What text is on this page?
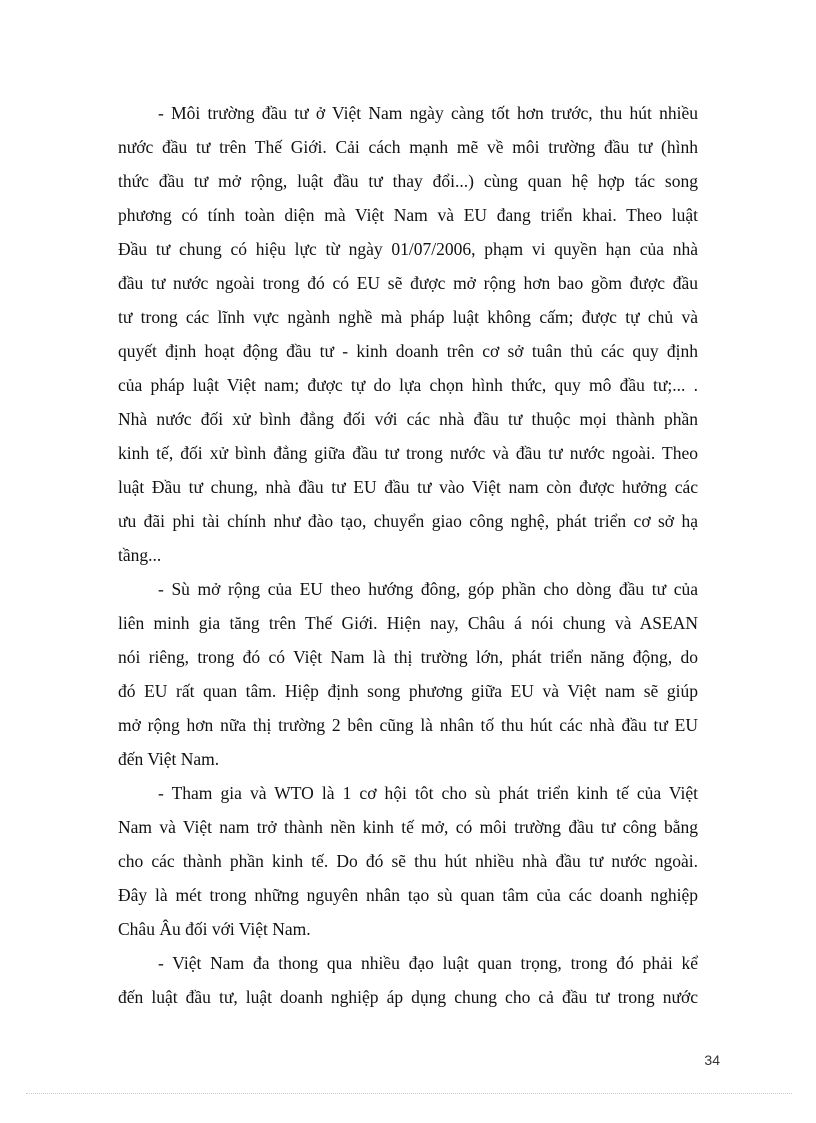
- Môi trường đầu tư ở Việt Nam ngày càng tốt hơn trước, thu hút nhiều
nước đầu tư trên Thế Giới. Cải cách mạnh mẽ về môi trường đầu tư (hình
thức đầu tư mở rộng, luật đầu tư thay đổi...) cùng quan hệ hợp tác song
phương có tính toàn diện mà Việt Nam và EU đang triển khai. Theo luật
Đầu tư chung có hiệu lực từ ngày 01/07/2006, phạm vi quyền hạn của nhà
đầu tư nước ngoài trong đó có EU sẽ được mở rộng hơn bao gồm được đầu
tư trong các lĩnh vực ngành nghề mà pháp luật không cấm; được tự chủ và
quyết định hoạt động đầu tư - kinh doanh trên cơ sở tuân thủ các quy định
của pháp luật Việt nam; được tự do lựa chọn hình thức, quy mô đầu tư;... .
Nhà nước đối xử bình đẳng đối với các nhà đầu tư thuộc mọi thành phần
kinh tế, đối xử bình đẳng giữa đầu tư trong nước và đầu tư nước ngoài. Theo
luật Đầu tư chung, nhà đầu tư EU đầu tư vào Việt nam còn được hưởng các
ưu đãi phi tài chính như đào tạo, chuyển giao công nghệ, phát triển cơ sở hạ
tầng...
- Sù mở rộng của EU theo hướng đông, góp phần cho dòng đầu tư của
liên minh gia tăng trên Thế Giới. Hiện nay, Châu á nói chung và ASEAN
nói riêng, trong đó có Việt Nam là thị trường lớn, phát triển năng động, do
đó EU rất quan tâm. Hiệp định song phương giữa EU và Việt nam sẽ giúp
mở rộng hơn nữa thị trường 2 bên cũng là nhân tố thu hút các nhà đầu tư EU
đến Việt Nam.
- Tham gia và WTO là 1 cơ hội tôt cho sù phát triển kinh tế của Việt
Nam và Việt nam trở thành nền kinh tế mở, có môi trường đầu tư công bằng
cho các thành phần kinh tế. Do đó sẽ thu hút nhiều nhà đầu tư nước ngoài.
Đây là mét trong những nguyên nhân tạo sù quan tâm của các doanh nghiệp
Châu Âu đối với Việt Nam.
- Việt Nam đa thong qua nhiều đạo luật quan trọng, trong đó phải kể
đến luật đầu tư, luật doanh nghiệp áp dụng chung cho cả đầu tư trong nước
34
